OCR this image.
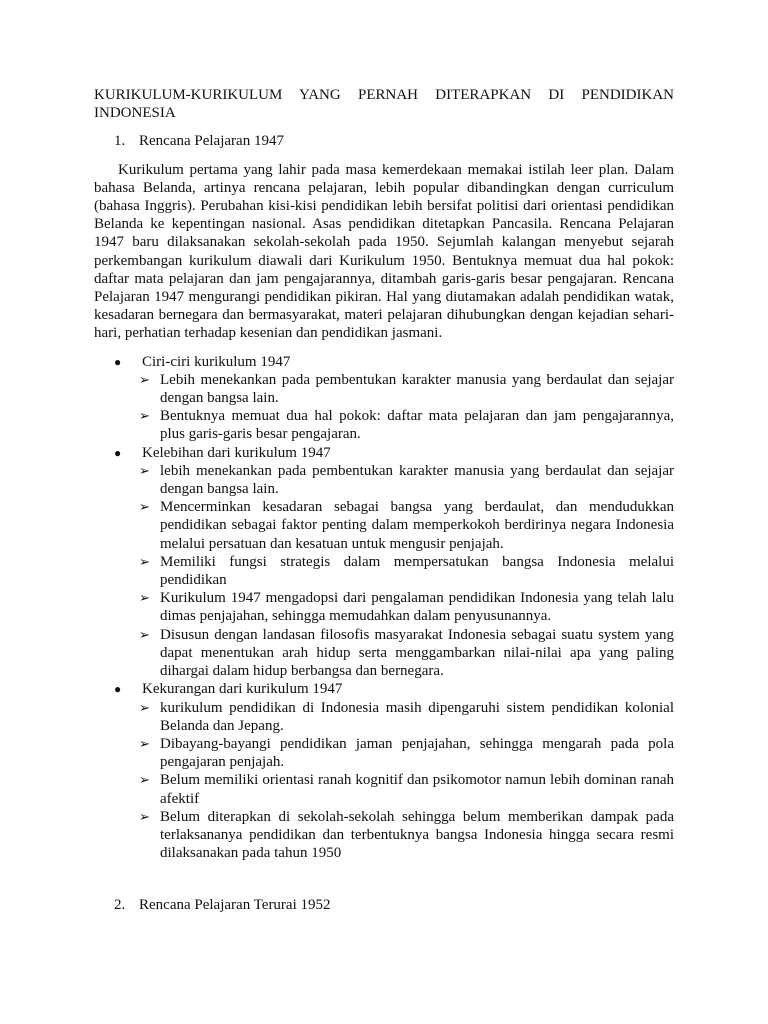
KURIKULUM-KURIKULUM YANG PERNAH DITERAPKAN DI PENDIDIKAN
INDONESIA
1. Rencana Pelajaran 1947

Kurikulum pertama yang lahir pada masa kemerdekaan memakai istilah leer plan. Dalam bahasa Belanda, artinya rencana pelajaran, lebih popular dibandingkan dengan curriculum (bahasa Inggris). Perubahan kisi-kisi pendidikan lebih bersifat politisi dari orientasi pendidikan Belanda ke kepentingan nasional. Asas pendidikan ditetapkan Pancasila. Rencana Pelajaran 1947 baru dilaksanakan sekolah-sekolah pada 1950. Sejumlah kalangan menyebut sejarah perkembangan kurikulum diawali dari Kurikulum 1950. Bentuknya memuat dua hal pokok: daftar mata pelajaran dan jam pengajarannya, ditambah garis-garis besar pengajaran. Rencana Pelajaran 1947 mengurangi pendidikan pikiran. Hal yang diutamakan adalah pendidikan watak, kesadaran bernegara dan bermasyarakat, materi pelajaran dihubungkan dengan kejadian sehari-hari, perhatian terhadap kesenian dan pendidikan jasmani.

● Ciri-ciri kurikulum 1947
➢ Lebih menekankan pada pembentukan karakter manusia yang berdaulat dan sejajar dengan bangsa lain.
➢ Bentuknya memuat dua hal pokok: daftar mata pelajaran dan jam pengajarannya, plus garis-garis besar pengajaran.
● Kelebihan dari kurikulum 1947
➢ lebih menekankan pada pembentukan karakter manusia yang berdaulat dan sejajar dengan bangsa lain.
➢ Mencerminkan kesadaran sebagai bangsa yang berdaulat, dan mendudukkan pendidikan sebagai faktor penting dalam memperkokoh berdirinya negara Indonesia melalui persatuan dan kesatuan untuk mengusir penjajah.
➢ Memiliki fungsi strategis dalam mempersatukan bangsa Indonesia melalui pendidikan
➢ Kurikulum 1947 mengadopsi dari pengalaman pendidikan Indonesia yang telah lalu dimas penjajahan, sehingga memudahkan dalam penyusunannya.
➢ Disusun dengan landasan filosofis masyarakat Indonesia sebagai suatu system yang dapat menentukan arah hidup serta menggambarkan nilai-nilai apa yang paling dihargai dalam hidup berbangsa dan bernegara.
● Kekurangan dari kurikulum 1947
➢ kurikulum pendidikan di Indonesia masih dipengaruhi sistem pendidikan kolonial Belanda dan Jepang.
➢ Dibayang-bayangi pendidikan jaman penjajahan, sehingga mengarah pada pola pengajaran penjajah.
➢ Belum memiliki orientasi ranah kognitif dan psikomotor namun lebih dominan ranah afektif
➢ Belum diterapkan di sekolah-sekolah sehingga belum memberikan dampak pada terlaksananya pendidikan dan terbentuknya bangsa Indonesia hingga secara resmi dilaksanakan pada tahun 1950
2. Rencana Pelajaran Terurai 1952
